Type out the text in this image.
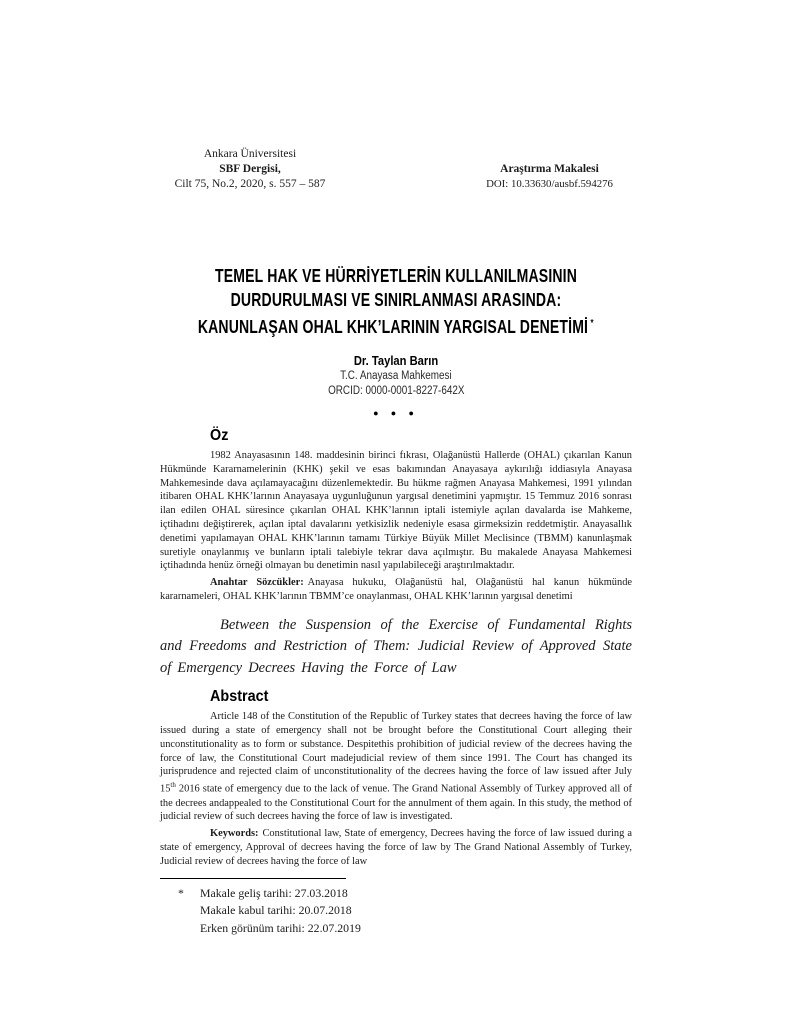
Ankara Üniversitesi
SBF Dergisi,
Cilt 75, No.2, 2020, s. 557 – 587
Araştırma Makalesi
DOI: 10.33630/ausbf.594276
TEMEL HAK VE HÜRRİYETLERİN KULLANILMASININ
DURDURULMASI VE SINIRLANMASI ARASINDA:
KANUNLAŞAN OHAL KHK’LARININ YARGISAL DENETİMİ *
Dr. Taylan Barın
T.C. Anayasa Mahkemesi
ORCID: 0000-0001-8227-642X
● ● ●
Öz

1982 Anayasasının 148. maddesinin birinci fıkrası, Olağanüstü Hallerde (OHAL) çıkarılan Kanun Hükmünde Kararnamelerinin (KHK) şekil ve esas bakımından Anayasaya aykırılığı iddiasıyla Anayasa Mahkemesinde dava açılamayacağını düzenlemektedir. Bu hükme rağmen Anayasa Mahkemesi, 1991 yılından itibaren OHAL KHK’larının Anayasaya uygunluğunun yargısal denetimini yapmıştır. 15 Temmuz 2016 sonrası ilan edilen OHAL süresince çıkarılan OHAL KHK’larının iptali istemiyle açılan davalarda ise Mahkeme, içtihadını değiştirerek, açılan iptal davalarını yetkisizlik nedeniyle esasa girmeksizin reddetmiştir. Anayasallık denetimi yapılamayan OHAL KHK’larının tamamı Türkiye Büyük Millet Meclisince (TBMM) kanunlaşmak suretiyle onaylanmış ve bunların iptali talebiyle tekrar dava açılmıştır. Bu makalede Anayasa Mahkemesi içtihadında henüz örneği olmayan bu denetimin nasıl yapılabileceği araştırılmaktadır.

Anahtar Sözcükler: Anayasa hukuku, Olağanüstü hal, Olağanüstü hal kanun hükmünde kararnameleri, OHAL KHK’larının TBMM’ce onaylanması, OHAL KHK’larının yargısal denetimi

Between the Suspension of the Exercise of Fundamental Rights and Freedoms and Restriction of Them: Judicial Review of Approved State of Emergency Decrees Having the Force of Law

Abstract

Article 148 of the Constitution of the Republic of Turkey states that decrees having the force of law issued during a state of emergency shall not be brought before the Constitutional Court alleging their unconstitutionality as to form or substance. Despitethis prohibition of judicial review of the decrees having the force of law, the Constitutional Court madejudicial review of them since 1991. The Court has changed its jurisprudence and rejected claim of unconstitutionality of the decrees having the force of law issued after July 15th 2016 state of emergency due to the lack of venue. The Grand National Assembly of Turkey approved all of the decrees andappealed to the Constitutional Court for the annulment of them again. In this study, the method of judicial review of such decrees having the force of law is investigated.

Keywords: Constitutional law, State of emergency, Decrees having the force of law issued during a state of emergency, Approval of decrees having the force of law by The Grand National Assembly of Turkey, Judicial review of decrees having the force of law

*	Makale geliş tarihi: 27.03.2018
Makale kabul tarihi: 20.07.2018
Erken görünüm tarihi: 22.07.2019
